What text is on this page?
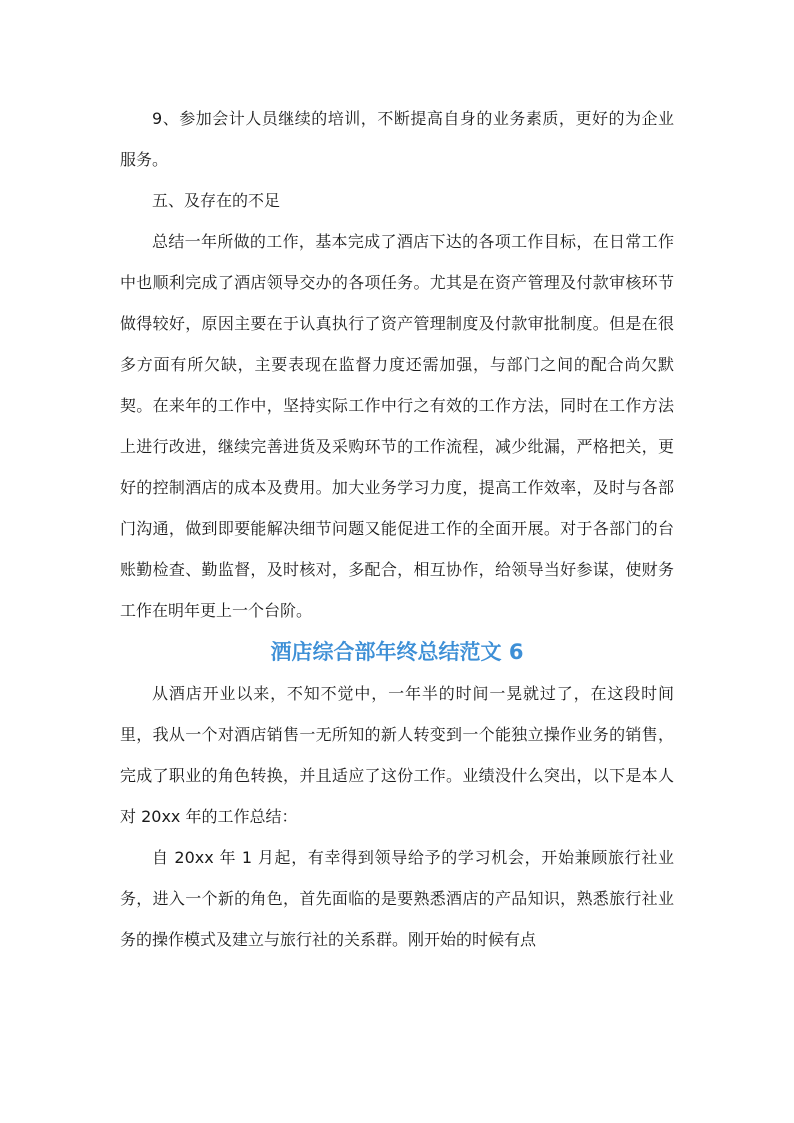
9、参加会计人员继续的培训，不断提高自身的业务素质，更好的为企业服务。

五、及存在的不足

总结一年所做的工作，基本完成了酒店下达的各项工作目标，在日常工作中也顺利完成了酒店领导交办的各项任务。尤其是在资产管理及付款审核环节做得较好，原因主要在于认真执行了资产管理制度及付款审批制度。但是在很多方面有所欠缺，主要表现在监督力度还需加强，与部门之间的配合尚欠默契。在来年的工作中，坚持实际工作中行之有效的工作方法，同时在工作方法上进行改进，继续完善进货及采购环节的工作流程，减少纰漏，严格把关，更好的控制酒店的成本及费用。加大业务学习力度，提高工作效率，及时与各部门沟通，做到即要能解决细节问题又能促进工作的全面开展。对于各部门的台账勤检查、勤监督，及时核对，多配合，相互协作，给领导当好参谋，使财务工作在明年更上一个台阶。

酒店综合部年终总结范文 6

从酒店开业以来，不知不觉中，一年半的时间一晃就过了，在这段时间里，我从一个对酒店销售一无所知的新人转变到一个能独立操作业务的销售，完成了职业的角色转换，并且适应了这份工作。业绩没什么突出，以下是本人对 20xx 年的工作总结：

自 20xx 年 1 月起，有幸得到领导给予的学习机会，开始兼顾旅行社业务，进入一个新的角色，首先面临的是要熟悉酒店的产品知识，熟悉旅行社业务的操作模式及建立与旅行社的关系群。刚开始的时候有点
